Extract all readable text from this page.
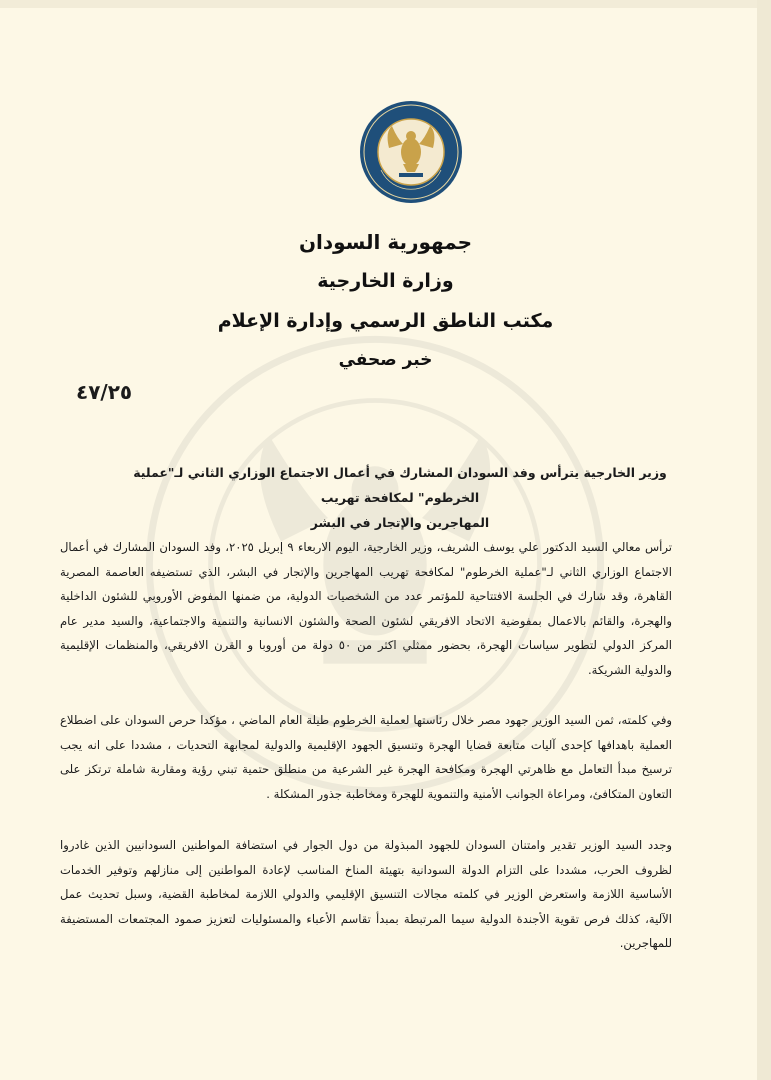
جمهورية السودان
وزارة الخارجية
مكتب الناطق الرسمي وإدارة الإعلام
خبر صحفي
٤٧/٢٥
وزير الخارجية يترأس وفد السودان المشارك في أعمال الاجتماع الوزاري الثاني لـ"عملية الخرطوم" لمكافحة تهريب
المهاجرين والإتجار في البشر
ترأس معالي السيد الدكتور علي يوسف الشريف، وزير الخارجية، اليوم الاربعاء ٩ إبريل ٢٠٢٥، وفد السودان المشارك في أعمال الاجتماع الوزاري الثاني لـ"عملية الخرطوم" لمكافحة تهريب المهاجرين والإتجار في البشر، الذي تستضيفه العاصمة المصرية القاهرة، وقد شارك في الجلسة الافتتاحية للمؤتمر عدد من الشخصيات الدولية، من ضمنها المفوض الأوروبي للشئون الداخلية والهجرة، والقائم بالاعمال بمفوضية الاتحاد الافريقي لشئون الصحة والشئون الانسانية والتنمية والاجتماعية، والسيد مدير عام المركز الدولي لتطوير سياسات الهجرة، بحضور ممثلي اكثر من ٥٠ دولة من أوروبا و القرن الافريقي، والمنظمات الإقليمية والدولية الشريكة.
وفي كلمته، ثمن السيد الوزير جهود مصر خلال رئاستها لعملية الخرطوم طيلة العام الماضي ، مؤكدا حرص السودان على اضطلاع العملية باهدافها كإحدى آليات متابعة قضايا الهجرة وتنسيق الجهود الإقليمية والدولية لمجابهة التحديات ، مشددا على انه يجب ترسيخ مبدأ التعامل مع ظاهرتي الهجرة ومكافحة الهجرة غير الشرعية من منطلق حتمية تبني رؤية ومقاربة شاملة ترتكز على التعاون المتكافئ، ومراعاة الجوانب الأمنية والتنموية للهجرة ومخاطبة جذور المشكلة .
وجدد السيد الوزير تقدير وامتنان السودان للجهود المبذولة من دول الجوار في استضافة المواطنين السودانيين الذين غادروا لظروف الحرب، مشددا على التزام الدولة السودانية بتهيئة المناخ المناسب لإعادة المواطنين إلى منازلهم وتوفير الخدمات الأساسية اللازمة واستعرض الوزير في كلمته مجالات التنسيق الإقليمي والدولي اللازمة لمخاطبة القضية، وسبل تحديث عمل الآلية، كذلك فرص تقوية الأجندة الدولية سيما المرتبطة بمبدأ تقاسم الأعباء والمسئوليات لتعزيز صمود المجتمعات المستضيفة للمهاجرين.
